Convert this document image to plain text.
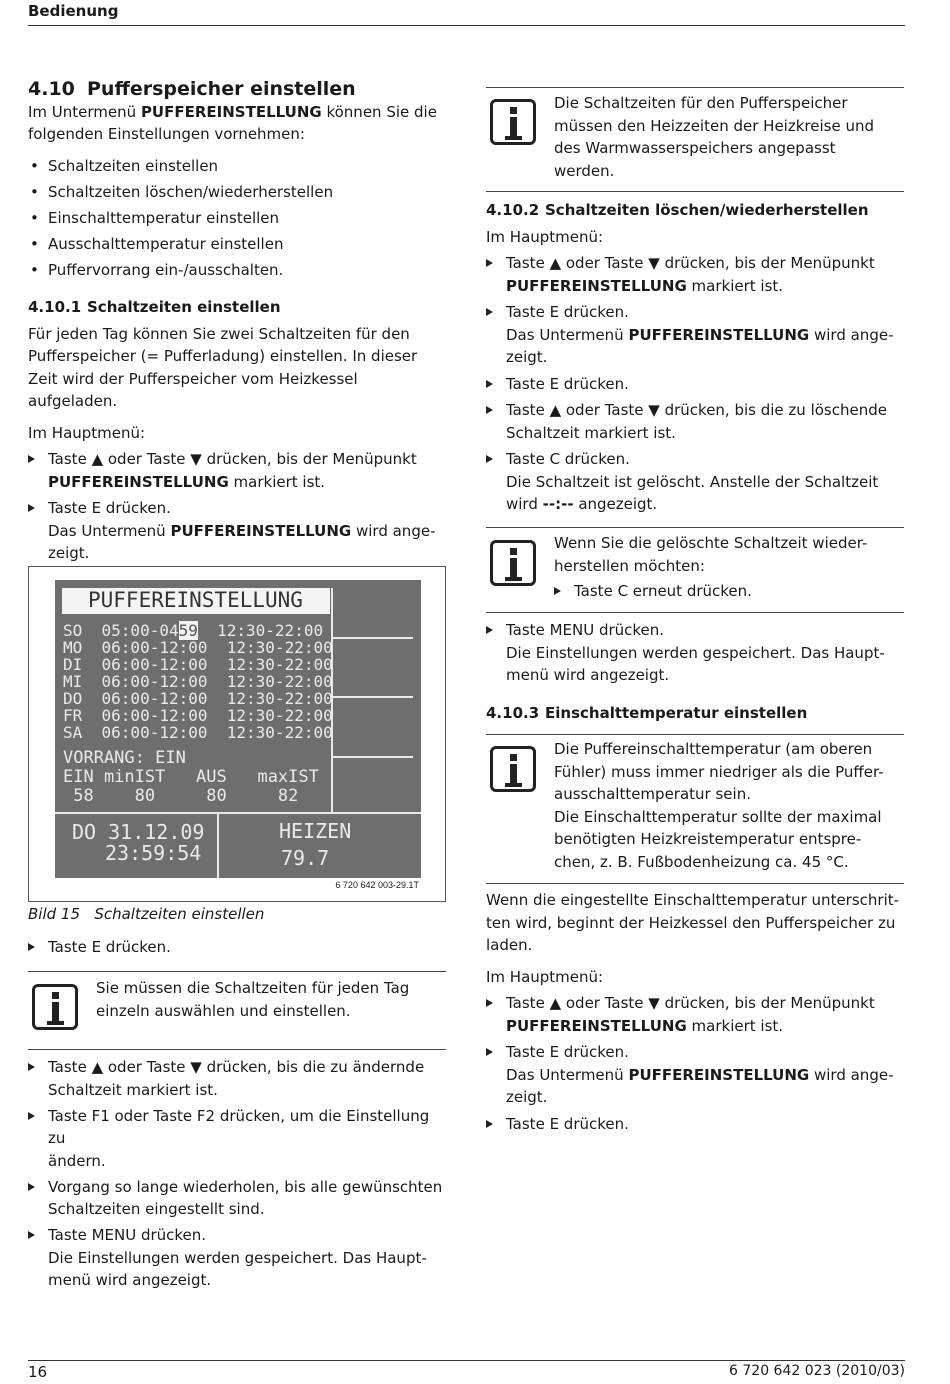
Bedienung

4.10 Pufferspeicher einstellen

Im Untermenü PUFFEREINSTELLUNG können Sie die

folgenden Einstellungen vornehmen:

• Schaltzeiten einstellen

• Schaltzeiten löschen/wiederherstellen

• Einschalttemperatur einstellen

• Ausschalttemperatur einstellen

• Puffervorrang ein-/ausschalten.

4.10.1 Schaltzeiten einstellen

Für jeden Tag können Sie zwei Schaltzeiten für den

Pufferspeicher (= Pufferladung) einstellen. In dieser

Zeit wird der Pufferspeicher vom Heizkessel aufgeladen.

Im Hauptmenü:

Taste ▲ oder Taste ▼ drücken, bis der Menüpunkt

PUFFEREINSTELLUNG markiert ist.

Taste E drücken.

Das Untermenü PUFFEREINSTELLUNG wird ange-

zeigt.

PUFFEREINSTELLUNG
SO 05:00-0459 12:30-22:00
MO 06:00-12:00 12:30-22:00
DI 06:00-12:00 12:30-22:00
MI 06:00-12:00 12:30-22:00
DO 06:00-12:00 12:30-22:00
FR 06:00-12:00 12:30-22:00
SA 06:00-12:00 12:30-22:00
VORRANG: EIN
EIN minIST   AUS   maxIST
58    80     80     82
DO 31.12.09
23:59:54
HEIZEN
79.7
6 720 642 003-29.1T
Bild 15 Schaltzeiten einstellen

Taste E drücken.

Sie müssen die Schaltzeiten für jeden Tag
einzeln auswählen und einstellen.

Taste ▲ oder Taste ▼ drücken, bis die zu ändernde

Schaltzeit markiert ist.

Taste F1 oder Taste F2 drücken, um die Einstellung zu

ändern.

Vorgang so lange wiederholen, bis alle gewünschten

Schaltzeiten eingestellt sind.

Taste MENU drücken.

Die Einstellungen werden gespeichert. Das Haupt-

menü wird angezeigt.

Die Schaltzeiten für den Pufferspeicher
müssen den Heizzeiten der Heizkreise und
des Warmwasserspeichers angepasst
werden.

4.10.2 Schaltzeiten löschen/wiederherstellen

Im Hauptmenü:

Taste ▲ oder Taste ▼ drücken, bis der Menüpunkt

PUFFEREINSTELLUNG markiert ist.

Taste E drücken.

Das Untermenü PUFFEREINSTELLUNG wird ange-

zeigt.

Taste E drücken.

Taste ▲ oder Taste ▼ drücken, bis die zu löschende

Schaltzeit markiert ist.

Taste C drücken.

Die Schaltzeit ist gelöscht. Anstelle der Schaltzeit

wird --:-- angezeigt.

Wenn Sie die gelöschte Schaltzeit wieder-
herstellen möchten:
Taste C erneut drücken.

Taste MENU drücken.

Die Einstellungen werden gespeichert. Das Haupt-

menü wird angezeigt.

4.10.3 Einschalttemperatur einstellen

Die Puffereinschalttemperatur (am oberen
Fühler) muss immer niedriger als die Puffer-
ausschalttemperatur sein.
Die Einschalttemperatur sollte der maximal
benötigten Heizkreistemperatur entspre-
chen, z. B. Fußbodenheizung ca. 45 °C.

Wenn die eingestellte Einschalttemperatur unterschrit-

ten wird, beginnt der Heizkessel den Pufferspeicher zu

laden.

Im Hauptmenü:

Taste ▲ oder Taste ▼ drücken, bis der Menüpunkt

PUFFEREINSTELLUNG markiert ist.

Taste E drücken.

Das Untermenü PUFFEREINSTELLUNG wird ange-

zeigt.

Taste E drücken.

16	6 720 642 023 (2010/03)
